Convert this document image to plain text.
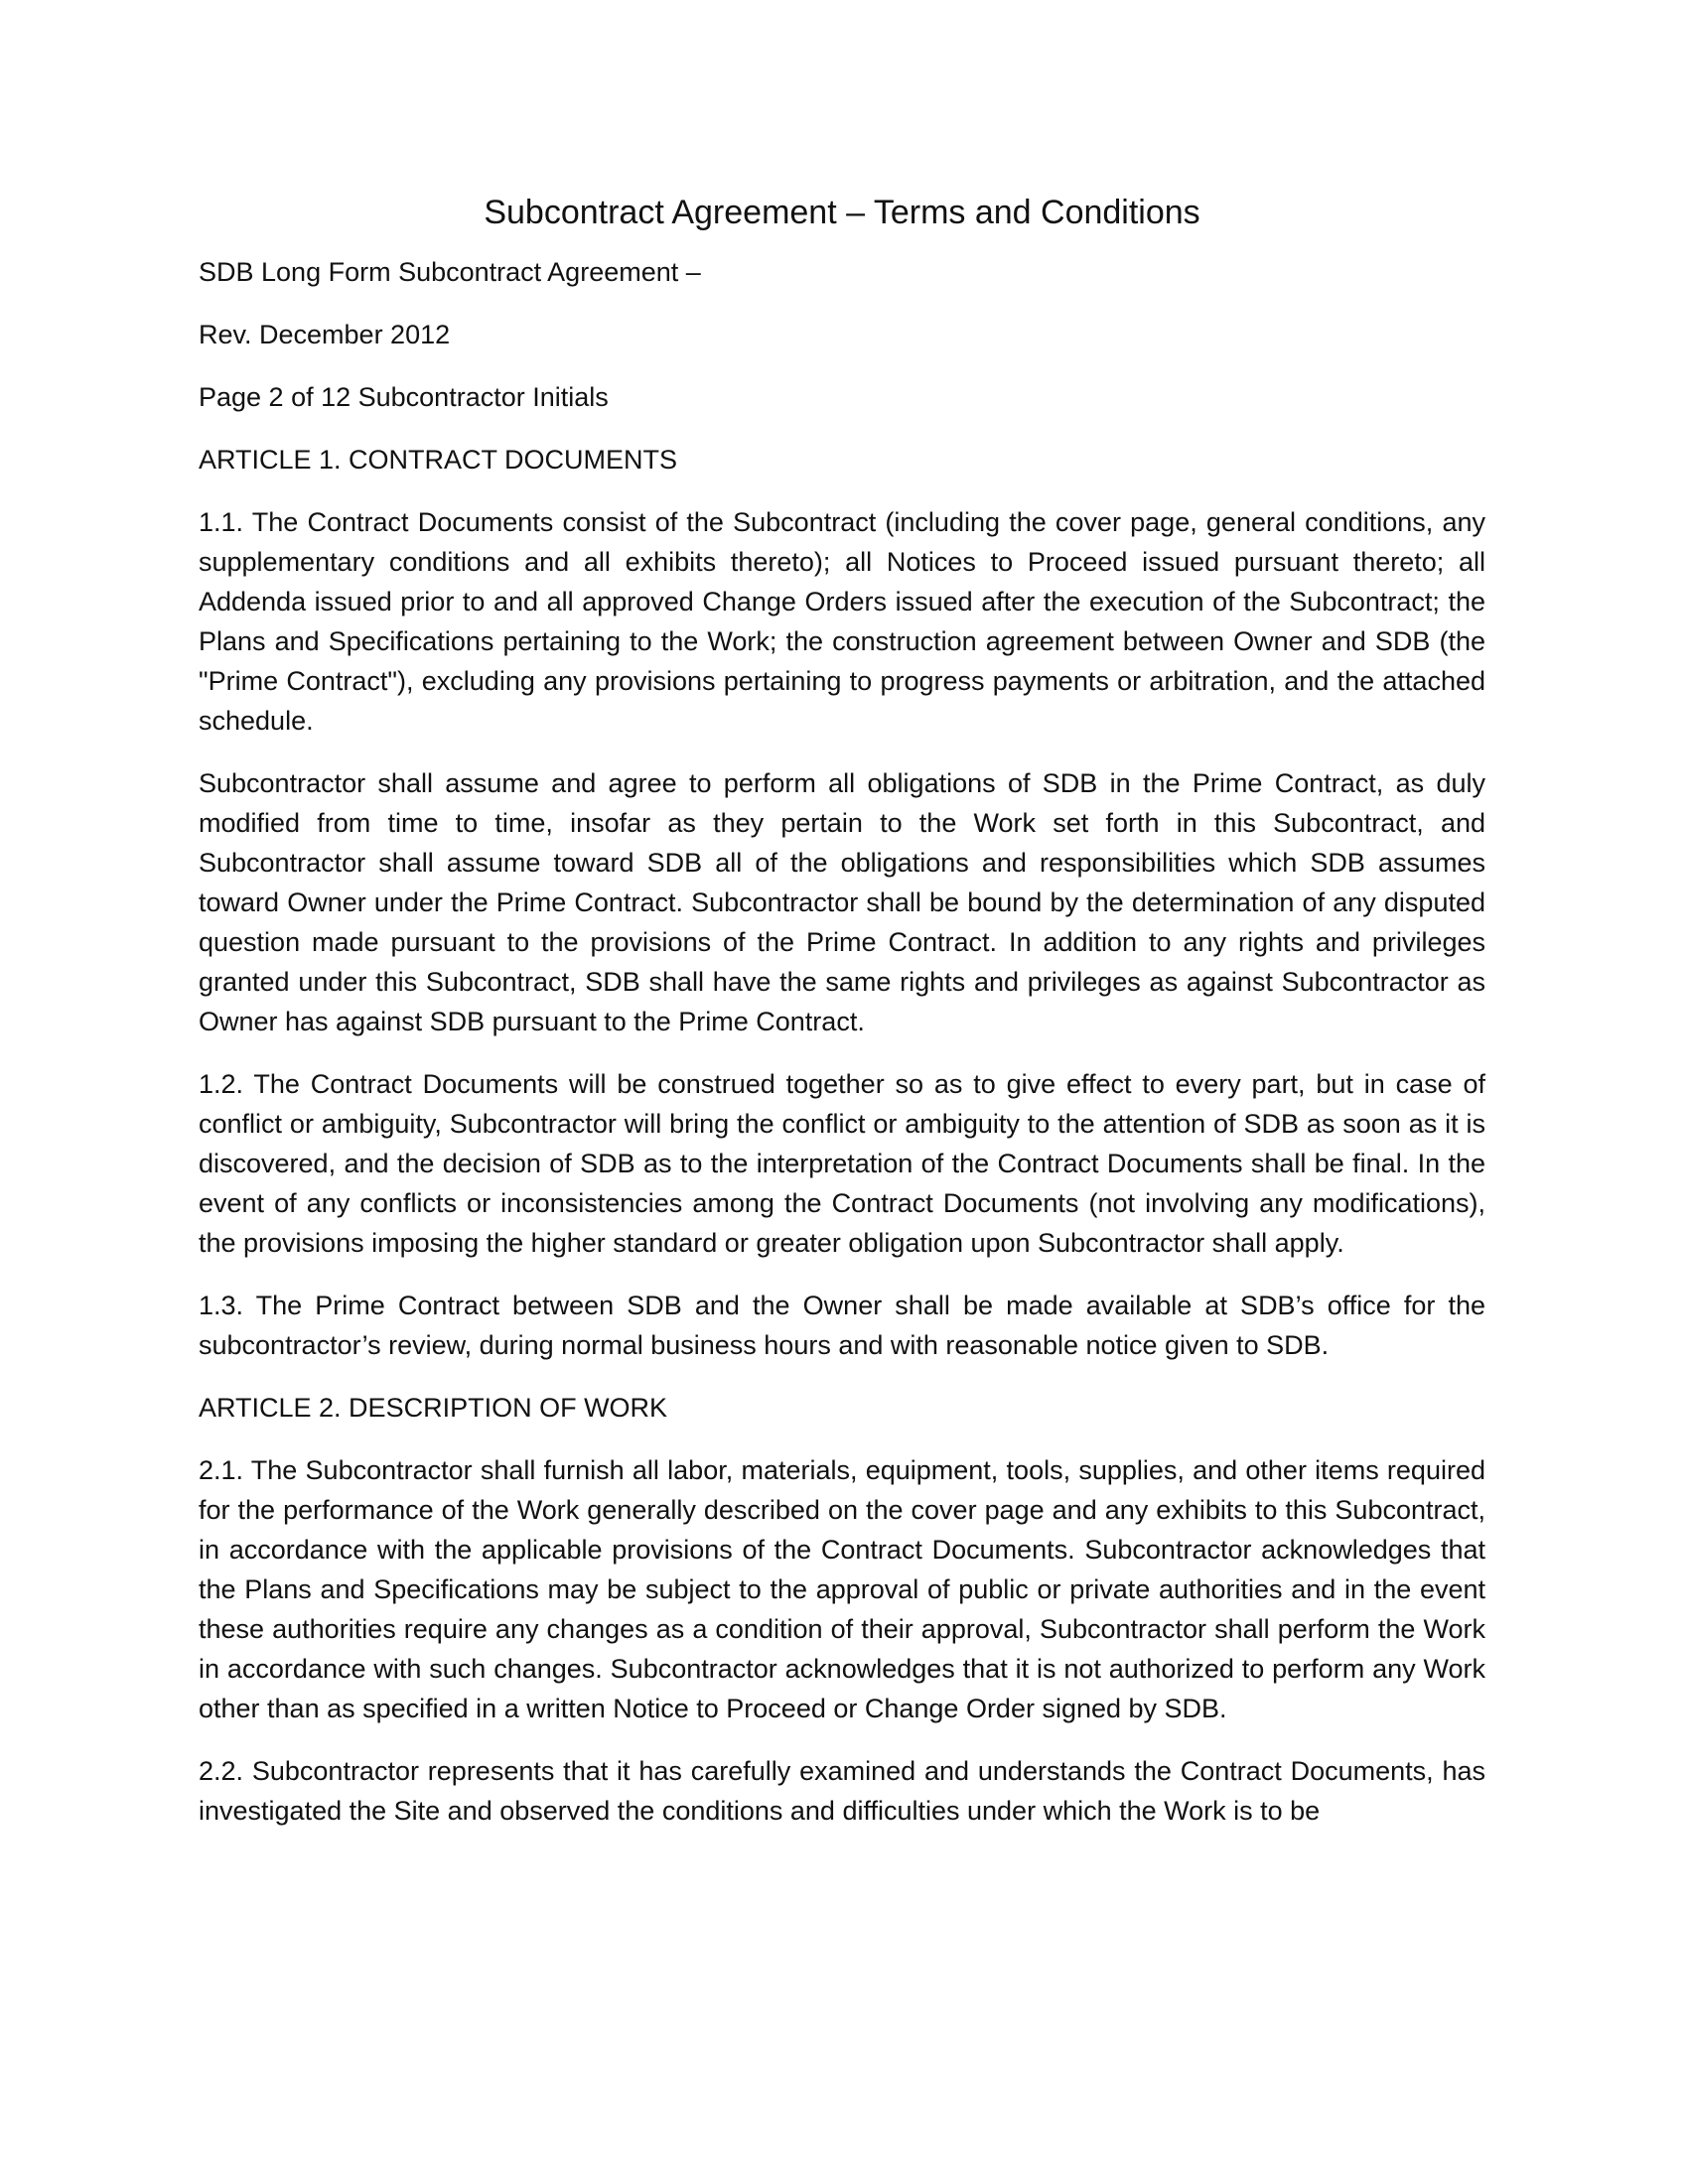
Subcontract Agreement – Terms and Conditions

SDB Long Form Subcontract Agreement –

Rev. December 2012

Page 2 of 12 Subcontractor Initials

ARTICLE 1. CONTRACT DOCUMENTS

1.1. The Contract Documents consist of the Subcontract (including the cover page, general conditions, any supplementary conditions and all exhibits thereto); all Notices to Proceed issued pursuant thereto; all Addenda issued prior to and all approved Change Orders issued after the execution of the Subcontract; the Plans and Specifications pertaining to the Work; the construction agreement between Owner and SDB (the "Prime Contract"), excluding any provisions pertaining to progress payments or arbitration, and the attached schedule.

Subcontractor shall assume and agree to perform all obligations of SDB in the Prime Contract, as duly modified from time to time, insofar as they pertain to the Work set forth in this Subcontract, and Subcontractor shall assume toward SDB all of the obligations and responsibilities which SDB assumes toward Owner under the Prime Contract. Subcontractor shall be bound by the determination of any disputed question made pursuant to the provisions of the Prime Contract. In addition to any rights and privileges granted under this Subcontract, SDB shall have the same rights and privileges as against Subcontractor as Owner has against SDB pursuant to the Prime Contract.

1.2. The Contract Documents will be construed together so as to give effect to every part, but in case of conflict or ambiguity, Subcontractor will bring the conflict or ambiguity to the attention of SDB as soon as it is discovered, and the decision of SDB as to the interpretation of the Contract Documents shall be final. In the event of any conflicts or inconsistencies among the Contract Documents (not involving any modifications), the provisions imposing the higher standard or greater obligation upon Subcontractor shall apply.

1.3. The Prime Contract between SDB and the Owner shall be made available at SDB’s office for the subcontractor’s review, during normal business hours and with reasonable notice given to SDB.

ARTICLE 2. DESCRIPTION OF WORK

2.1. The Subcontractor shall furnish all labor, materials, equipment, tools, supplies, and other items required for the performance of the Work generally described on the cover page and any exhibits to this Subcontract, in accordance with the applicable provisions of the Contract Documents. Subcontractor acknowledges that the Plans and Specifications may be subject to the approval of public or private authorities and in the event these authorities require any changes as a condition of their approval, Subcontractor shall perform the Work in accordance with such changes. Subcontractor acknowledges that it is not authorized to perform any Work other than as specified in a written Notice to Proceed or Change Order signed by SDB.

2.2. Subcontractor represents that it has carefully examined and understands the Contract Documents, has investigated the Site and observed the conditions and difficulties under which the Work is to be
